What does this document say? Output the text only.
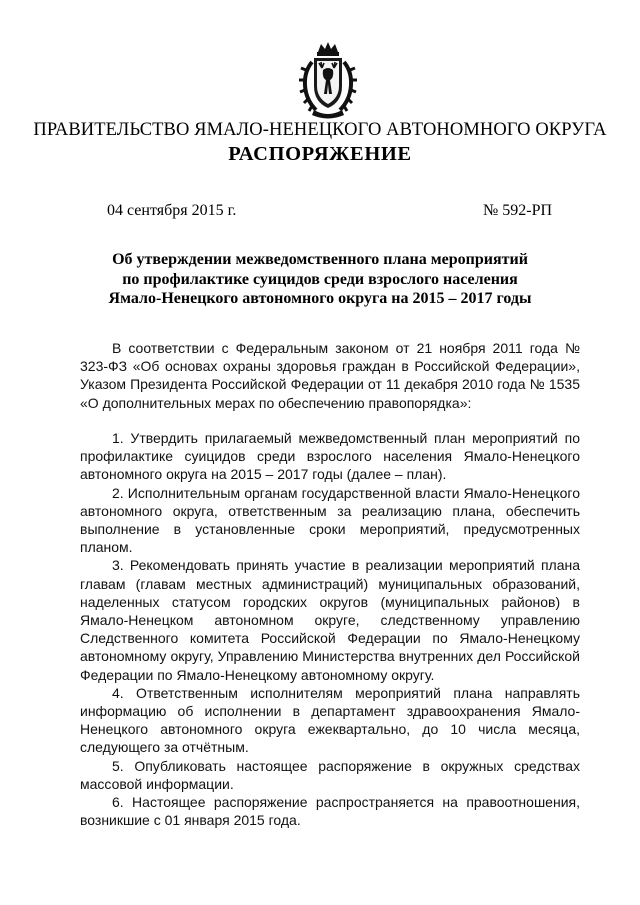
ПРАВИТЕЛЬСТВО ЯМАЛО-НЕНЕЦКОГО АВТОНОМНОГО ОКРУГА
РАСПОРЯЖЕНИЕ
04 сентября 2015 г.	№ 592-РП
Об утверждении межведомственного плана мероприятий
по профилактике суицидов среди взрослого населения
Ямало-Ненецкого автономного округа на 2015 – 2017 годы

В соответствии с Федеральным законом от 21 ноября 2011 года № 323-ФЗ «Об основах охраны здоровья граждан в Российской Федерации», Указом Президента Российской Федерации от 11 декабря 2010 года № 1535 «О дополнительных мерах по обеспечению правопорядка»:

1. Утвердить прилагаемый межведомственный план мероприятий по профилактике суицидов среди взрослого населения Ямало-Ненецкого автономного округа на 2015 – 2017 годы (далее – план).

2. Исполнительным органам государственной власти Ямало-Ненецкого автономного округа, ответственным за реализацию плана, обеспечить выполнение в установленные сроки мероприятий, предусмотренных планом.

3. Рекомендовать принять участие в реализации мероприятий плана главам (главам местных администраций) муниципальных образований, наделенных статусом городских округов (муниципальных районов) в Ямало-Ненецком автономном округе, следственному управлению Следственного комитета Российской Федерации по Ямало-Ненецкому автономному округу, Управлению Министерства внутренних дел Российской Федерации по Ямало-Ненецкому автономному округу.

4. Ответственным исполнителям мероприятий плана направлять информацию об исполнении в департамент здравоохранения Ямало-Ненецкого автономного округа ежеквартально, до 10 числа месяца, следующего за отчётным.

5. Опубликовать настоящее распоряжение в окружных средствах массовой информации.

6. Настоящее распоряжение распространяется на правоотношения, возникшие с 01 января 2015 года.
